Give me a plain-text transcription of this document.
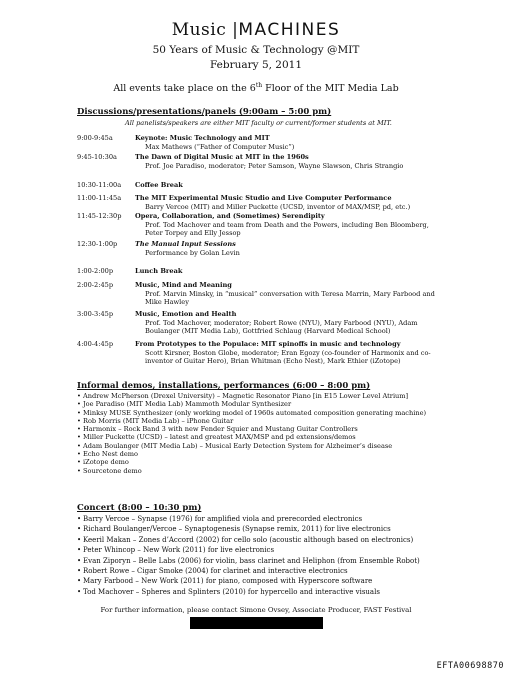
Music |MACHINES
50 Years of Music & Technology @MIT
February 5, 2011
All events take place on the 6th Floor of the MIT Media Lab
Discussions/presentations/panels (9:00am – 5:00 pm)
All panelists/speakers are either MIT faculty or current/former students at MIT.
9:00-9:45a	Keynote: Music Technology and MIT
Max Mathews (“Father of Computer Music”)
9:45-10:30a	The Dawn of Digital Music at MIT in the 1960s
Prof. Joe Paradiso, moderator; Peter Samson, Wayne Slawson, Chris Strangio
10:30-11:00a	Coffee Break
11:00-11:45a	The MIT Experimental Music Studio and Live Computer Performance
Barry Vercoe (MIT) and Miller Puckette (UCSD, inventor of MAX/MSP, pd, etc.)
11:45-12:30p	Opera, Collaboration, and (Sometimes) Serendipity
Prof. Tod Machover and team from Death and the Powers, including Ben Bloomberg,
Peter Torpey and Elly Jessop
12:30-1:00p	The Manual Input Sessions
Performance by Golan Levin
1:00-2:00p	Lunch Break
2:00-2:45p	Music, Mind and Meaning
Prof. Marvin Minsky, in “musical” conversation with Teresa Marrin, Mary Farbood and
Mike Hawley
3:00-3:45p	Music, Emotion and Health
Prof. Tod Machover, moderator; Robert Rowe (NYU), Mary Farbood (NYU), Adam
Boulanger (MIT Media Lab), Gottfried Schlaug (Harvard Medical School)
4:00-4:45p	From Prototypes to the Populace: MIT spinoffs in music and technology
Scott Kirsner, Boston Globe, moderator; Eran Egozy (co-founder of Harmonix and co-
inventor of Guitar Hero), Brian Whitman (Echo Nest), Mark Ethier (iZotope)
Informal demos, installations, performances (6:00 – 8:00 pm)
• Andrew McPherson (Drexel University) – Magnetic Resonator Piano [in E15 Lower Level Atrium]
• Joe Paradiso (MIT Media Lab) Mammoth Modular Synthesizer
• Minksy MUSE Synthesizer (only working model of 1960s automated composition generating machine)
• Rob Morris (MIT Media Lab) – iPhone Guitar
• Harmonix – Rock Band 3 with new Fender Squier and Mustang Guitar Controllers
• Miller Puckette (UCSD) – latest and greatest MAX/MSP and pd extensions/demos
• Adam Boulanger (MIT Media Lab) – Musical Early Detection System for Alzheimer’s disease
• Echo Nest demo
• iZotope demo
• Sourcetone demo
Concert (8:00 – 10:30 pm)
• Barry Vercoe – Synapse (1976) for amplified viola and prerecorded electronics
• Richard Boulanger/Vercoe – Synaptogenesis (Synapse remix, 2011) for live electronics
• Keeril Makan – Zones d’Accord (2002) for cello solo (acoustic although based on electronics)
• Peter Whincop – New Work (2011) for live electronics
• Evan Ziporyn – Belle Labs (2006) for violin, bass clarinet and Heliphon (from Ensemble Robot)
• Robert Rowe – Cigar Smoke (2004) for clarinet and interactive electronics
• Mary Farbood – New Work (2011) for piano, composed with Hyperscore software
• Tod Machover – Spheres and Splinters (2010) for hypercello and interactive visuals
For further information, please contact Simone Ovsey, Associate Producer, FAST Festival
EFTA00698870
